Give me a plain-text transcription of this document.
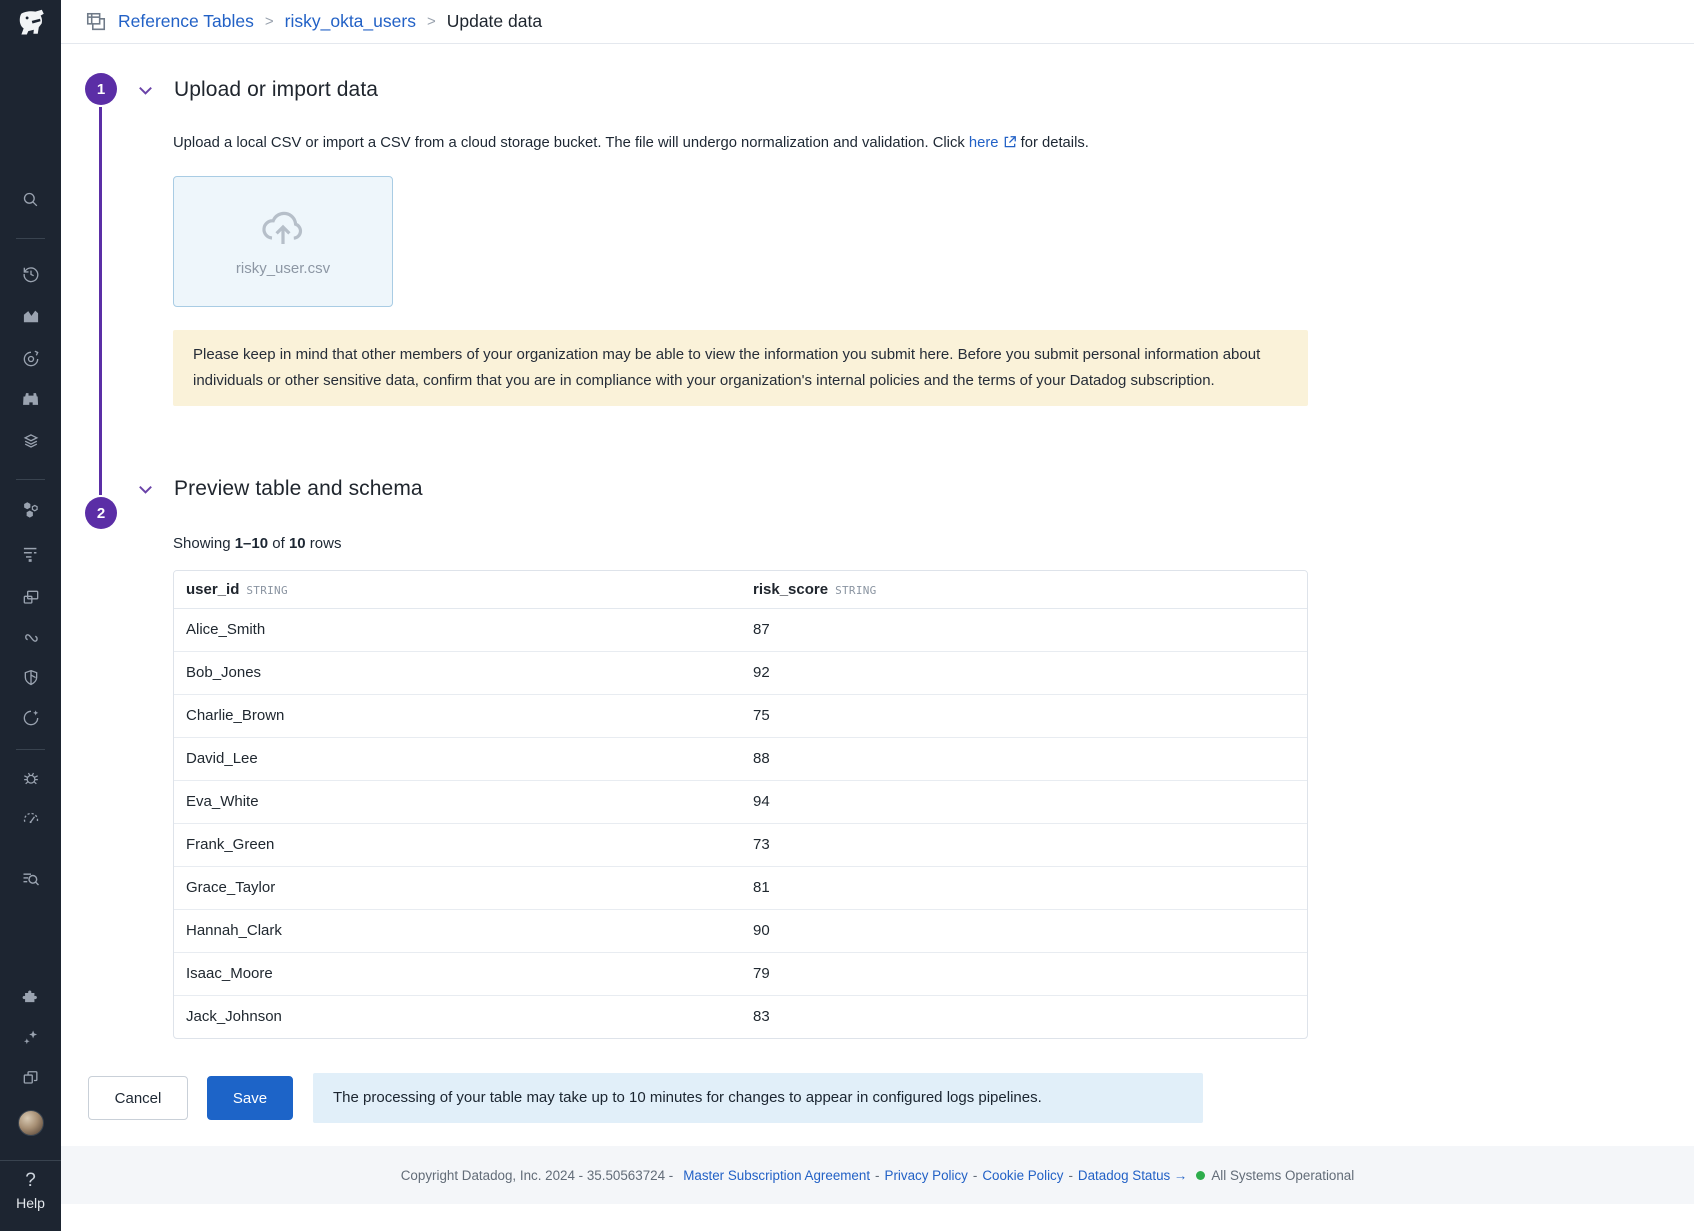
?
Help
Reference Tables > risky_okta_users > Update data
1
2
Upload or import data
Upload a local CSV or import a CSV from a cloud storage bucket. The file will undergo normalization and validation. Click here for details.
risky_user.csv
Please keep in mind that other members of your organization may be able to view the information you submit here. Before you submit personal information about individuals or other sensitive data, confirm that you are in compliance with your organization's internal policies and the terms of your Datadog subscription.
Preview table and schema
Showing 1–10 of 10 rows
user_id STRING	risk_score STRING
Alice_Smith	87
Bob_Jones	92
Charlie_Brown	75
David_Lee	88
Eva_White	94
Frank_Green	73
Grace_Taylor	81
Hannah_Clark	90
Isaac_Moore	79
Jack_Johnson	83
Cancel	Save	The processing of your table may take up to 10 minutes for changes to appear in configured logs pipelines.
Copyright Datadog, Inc. 2024 - 35.50563724 - Master Subscription Agreement - Privacy Policy - Cookie Policy - Datadog Status → All Systems Operational
